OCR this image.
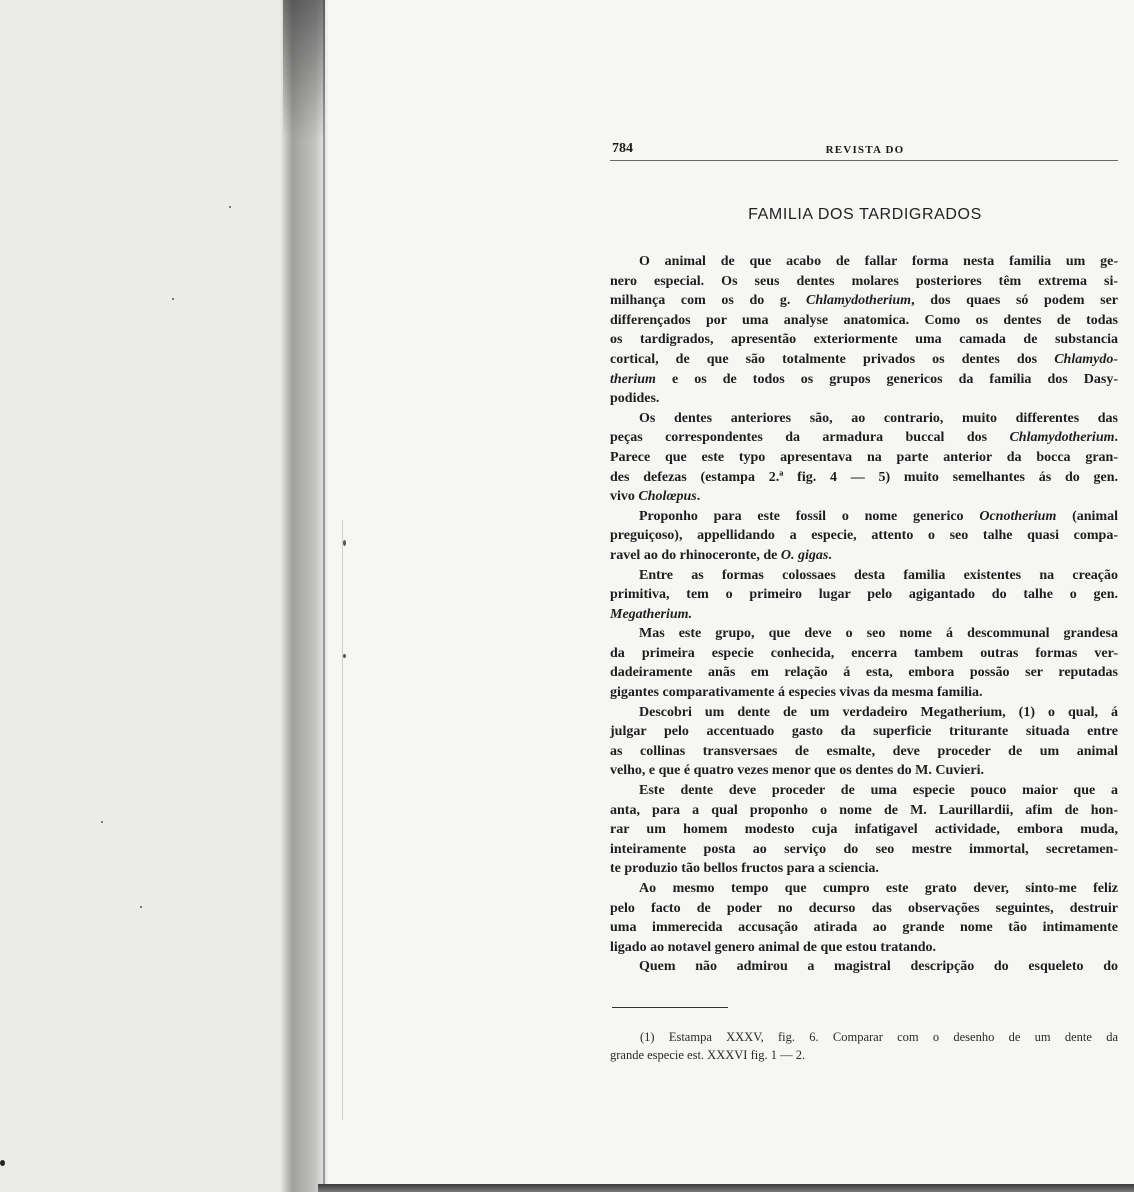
784	REVISTA DO
FAMILIA DOS TARDIGRADOS
O animal de que acabo de fallar forma nesta familia um ge-
nero especial. Os seus dentes molares posteriores têm extrema si-
milhança com os do g. Chlamydotherium, dos quaes só podem ser
differençados por uma analyse anatomica. Como os dentes de todas
os tardigrados, apresentão exteriormente uma camada de substancia
cortical, de que são totalmente privados os dentes dos Chlamydo-
therium e os de todos os grupos genericos da familia dos Dasy-
podides.
Os dentes anteriores são, ao contrario, muito differentes das
peças correspondentes da armadura buccal dos Chlamydotherium.
Parece que este typo apresentava na parte anterior da bocca gran-
des defezas (estampa 2.ª fig. 4 — 5) muito semelhantes ás do gen.
vivo Cholœpus.
Proponho para este fossil o nome generico Ocnotherium (animal
preguiçoso), appellidando a especie, attento o seo talhe quasi compa-
ravel ao do rhinoceronte, de O. gigas.
Entre as formas colossaes desta familia existentes na creação
primitiva, tem o primeiro lugar pelo agigantado do talhe o gen.
Megatherium.
Mas este grupo, que deve o seo nome á descommunal grandesa
da primeira especie conhecida, encerra tambem outras formas ver-
dadeiramente anãs em relação á esta, embora possão ser reputadas
gigantes comparativamente á especies vivas da mesma familia.
Descobri um dente de um verdadeiro Megatherium, (1) o qual, á
julgar pelo accentuado gasto da superficie triturante situada entre
as collinas transversaes de esmalte, deve proceder de um animal
velho, e que é quatro vezes menor que os dentes do M. Cuvieri.
Este dente deve proceder de uma especie pouco maior que a
anta, para a qual proponho o nome de M. Laurillardii, afim de hon-
rar um homem modesto cuja infatigavel actividade, embora muda,
inteiramente posta ao serviço do seo mestre immortal, secretamen-
te produzio tão bellos fructos para a sciencia.
Ao mesmo tempo que cumpro este grato dever, sinto-me feliz
pelo facto de poder no decurso das observações seguintes, destruir
uma immerecida accusação atirada ao grande nome tão intimamente
ligado ao notavel genero animal de que estou tratando.
Quem não admirou a magistral descripção do esqueleto do
(1) Estampa XXXV, fig. 6. Comparar com o desenho de um dente da
grande especie est. XXXVI fig. 1 — 2.
